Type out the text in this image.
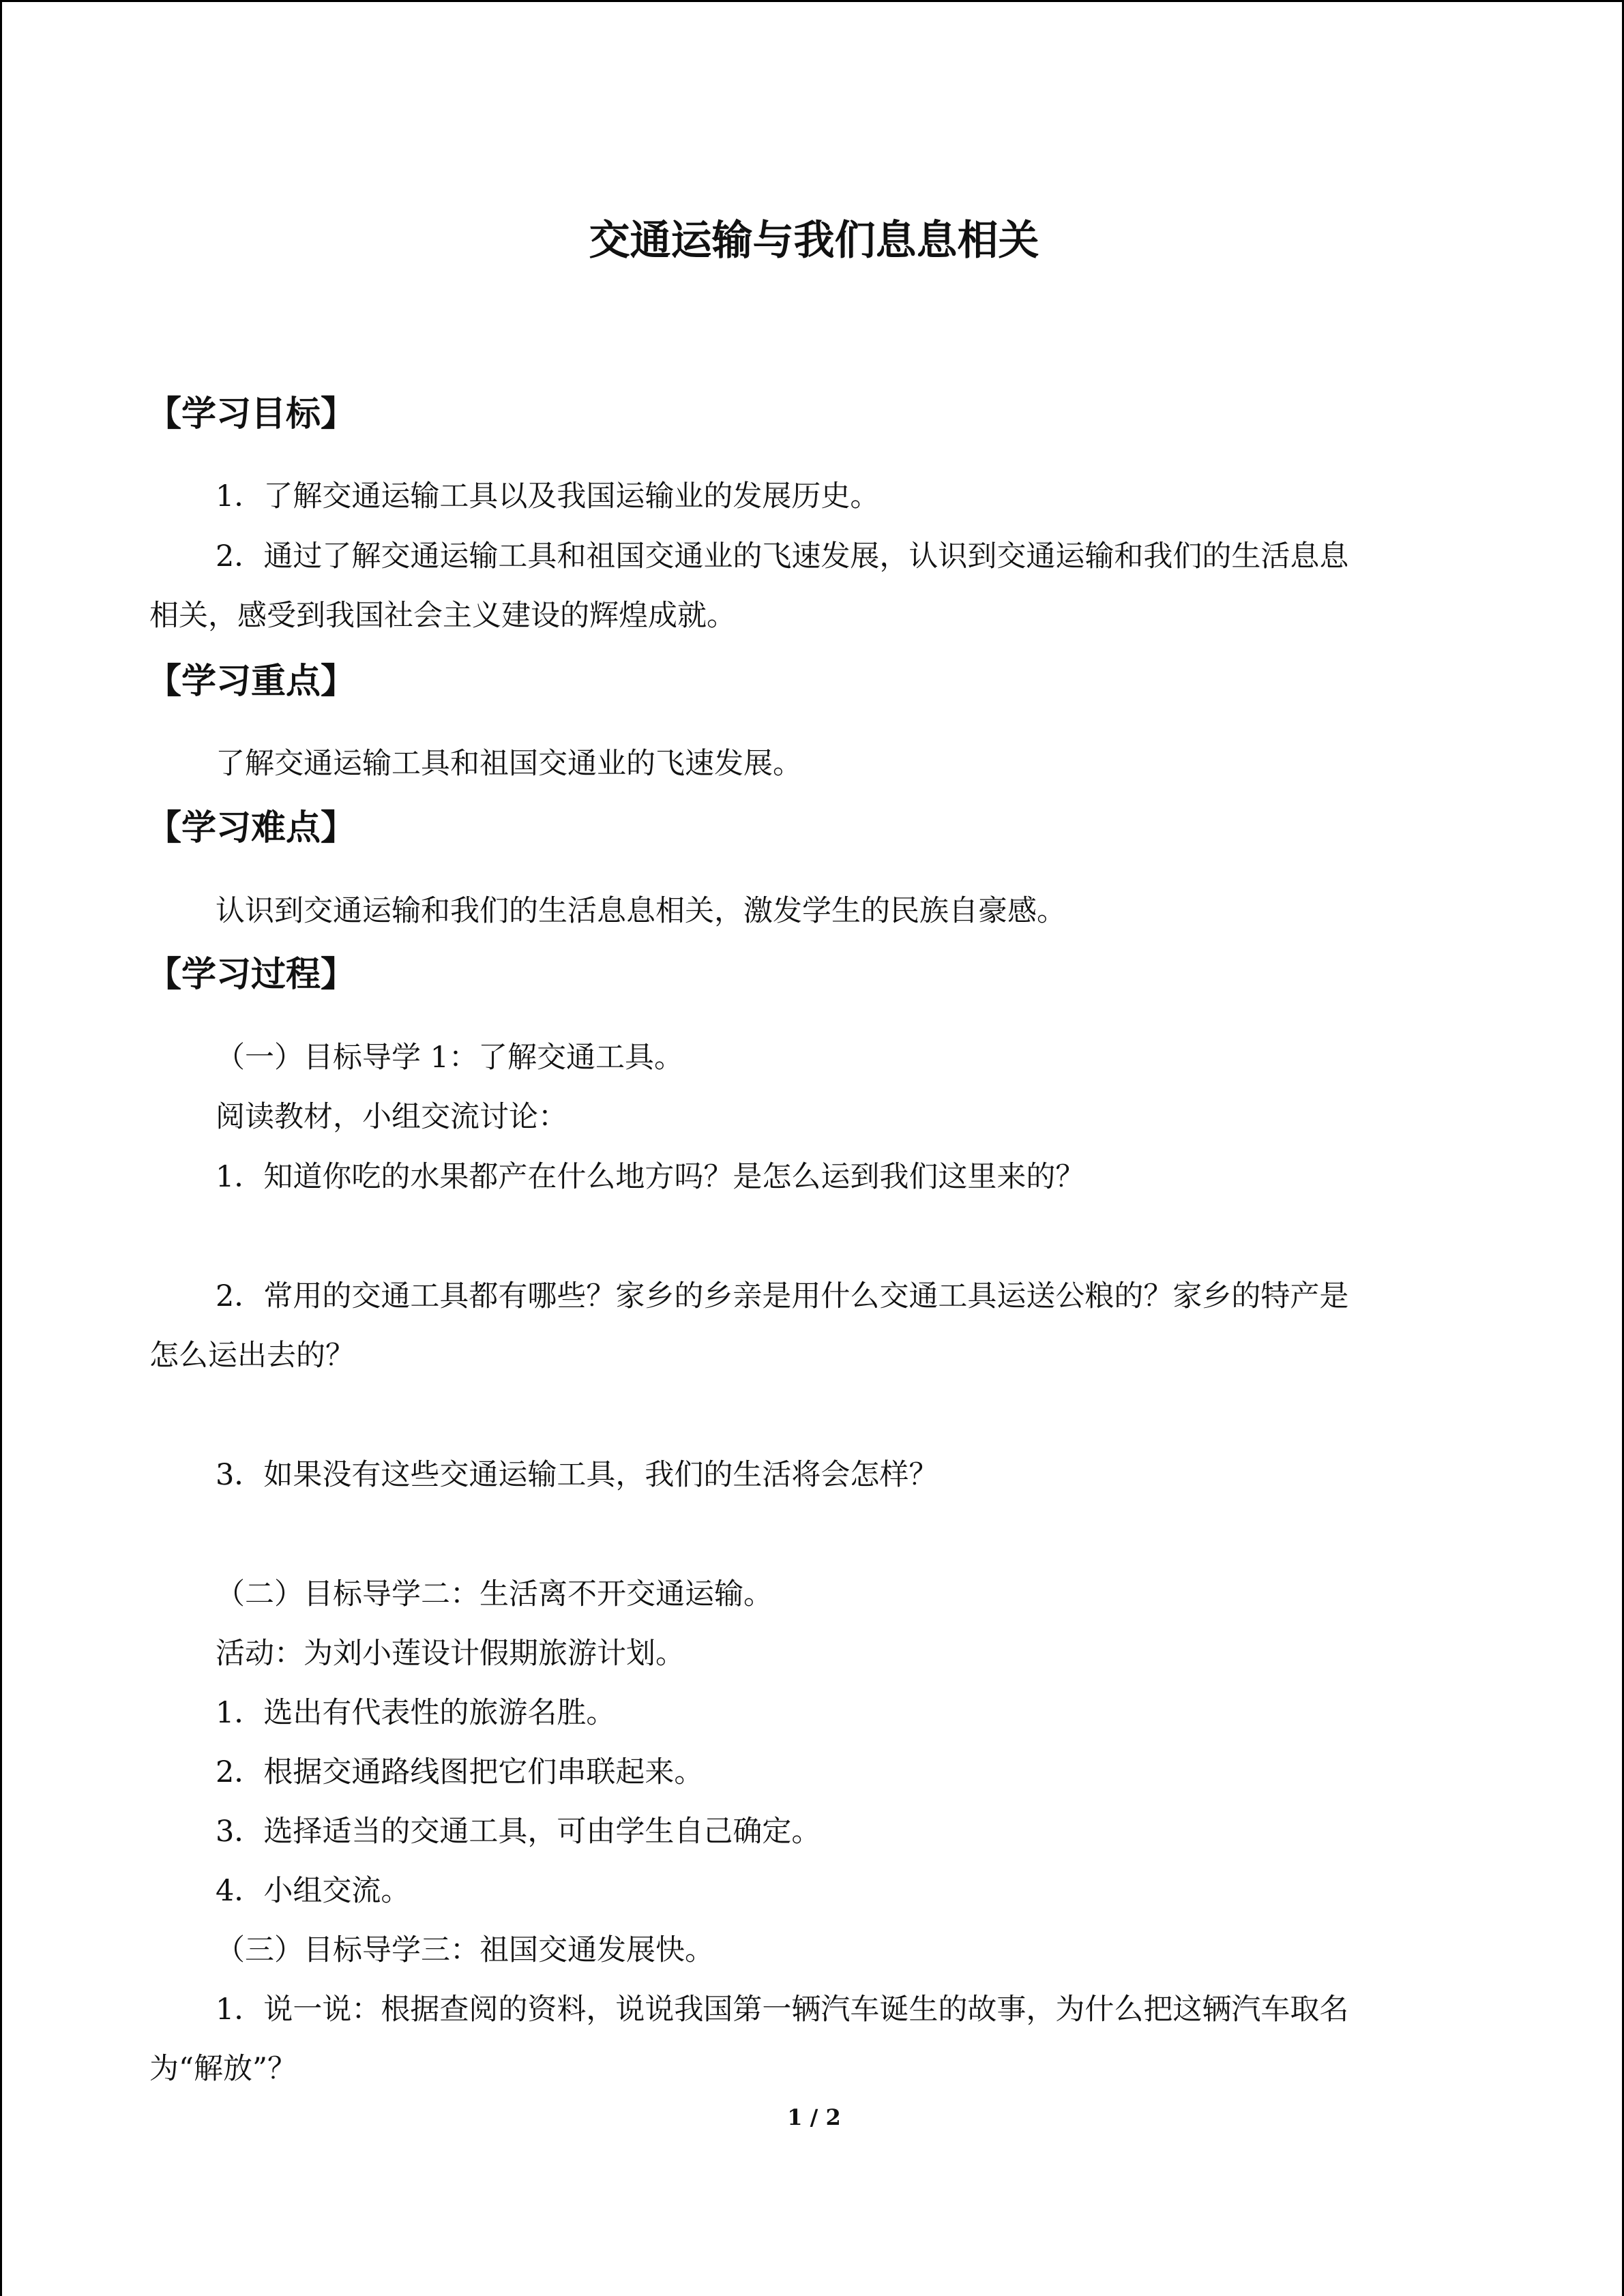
交通运输与我们息息相关
【学习目标】
1．了解交通运输工具以及我国运输业的发展历史。
2．通过了解交通运输工具和祖国交通业的飞速发展，认识到交通运输和我们的生活息息
相关，感受到我国社会主义建设的辉煌成就。
【学习重点】
了解交通运输工具和祖国交通业的飞速发展。
【学习难点】
认识到交通运输和我们的生活息息相关，激发学生的民族自豪感。
【学习过程】
（一）目标导学 1：了解交通工具。
阅读教材，小组交流讨论：
1．知道你吃的水果都产在什么地方吗？是怎么运到我们这里来的？
2．常用的交通工具都有哪些？家乡的乡亲是用什么交通工具运送公粮的？家乡的特产是
怎么运出去的？
3．如果没有这些交通运输工具，我们的生活将会怎样？
（二）目标导学二：生活离不开交通运输。
活动：为刘小莲设计假期旅游计划。
1．选出有代表性的旅游名胜。
2．根据交通路线图把它们串联起来。
3．选择适当的交通工具，可由学生自己确定。
4．小组交流。
（三）目标导学三：祖国交通发展快。
1．说一说：根据查阅的资料，说说我国第一辆汽车诞生的故事，为什么把这辆汽车取名
为“解放”？
1 / 2
